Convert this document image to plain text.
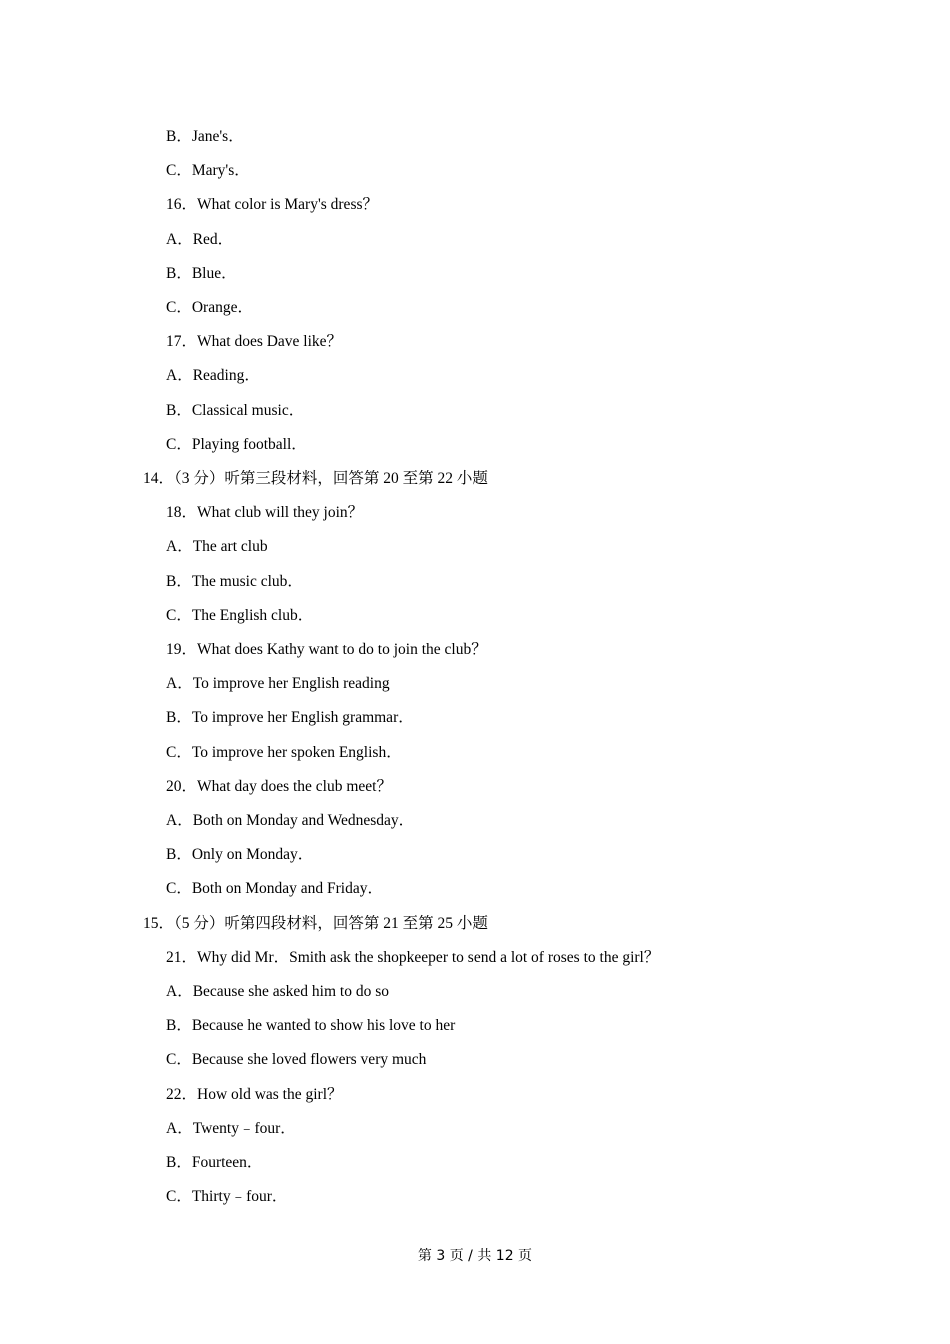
B．Jane's．
C．Mary's．
16．What color is Mary's dress？
A．Red．
B．Blue．
C．Orange．
17．What does Dave like？
A．Reading．
B．Classical music．
C．Playing football．
14．（3 分）听第三段材料，回答第 20 至第 22 小题
18．What club will they join？
A．The art club
B．The music club．
C．The English club．
19．What does Kathy want to do to join the club？
A．To improve her English reading
B．To improve her English grammar．
C．To improve her spoken English．
20．What day does the club meet？
A．Both on Monday and Wednesday．
B．Only on Monday．
C．Both on Monday and Friday．
15．（5 分）听第四段材料，回答第 21 至第 25 小题
21．Why did Mr．Smith ask the shopkeeper to send a lot of roses to the girl？
A．Because she asked him to do so
B．Because he wanted to show his love to her
C．Because she loved flowers very much
22．How old was the girl？
A．Twenty﹣four．
B．Fourteen．
C．Thirty﹣four．
第 3 页 / 共 12 页
